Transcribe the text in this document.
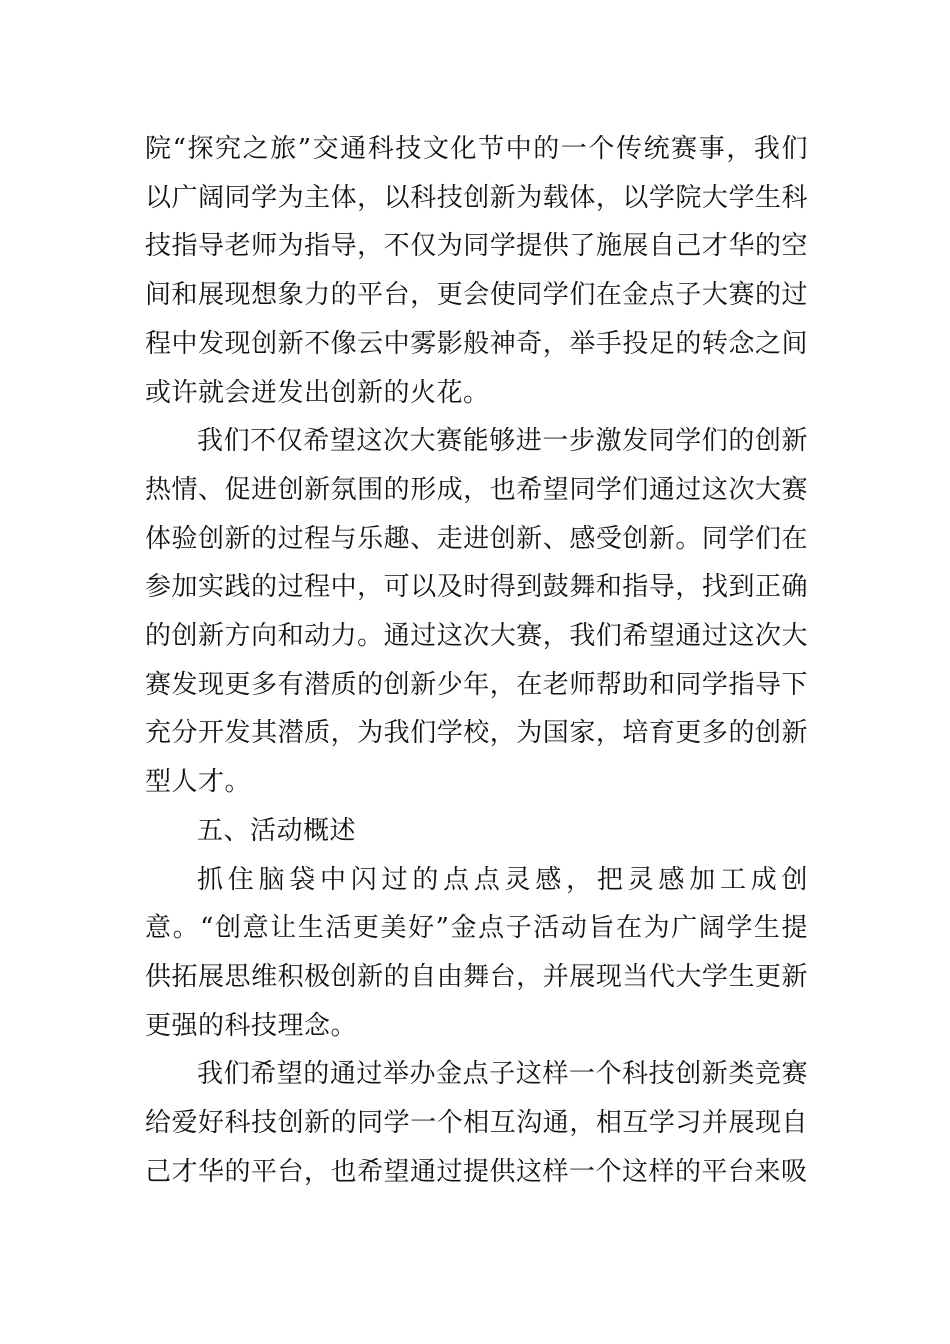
院“探究之旅”交通科技文化节中的一个传统赛事，我们以广阔同学为主体，以科技创新为载体，以学院大学生科技指导老师为指导，不仅为同学提供了施展自己才华的空间和展现想象力的平台，更会使同学们在金点子大赛的过程中发现创新不像云中雾影般神奇，举手投足的转念之间或许就会迸发出创新的火花。

我们不仅希望这次大赛能够进一步激发同学们的创新热情、促进创新氛围的形成，也希望同学们通过这次大赛体验创新的过程与乐趣、走进创新、感受创新。同学们在参加实践的过程中，可以及时得到鼓舞和指导，找到正确的创新方向和动力。通过这次大赛，我们希望通过这次大赛发现更多有潜质的创新少年，在老师帮助和同学指导下充分开发其潜质，为我们学校，为国家，培育更多的创新型人才。

五、活动概述

抓住脑袋中闪过的点点灵感，把灵感加工成创意。“创意让生活更美好”金点子活动旨在为广阔学生提供拓展思维积极创新的自由舞台，并展现当代大学生更新更强的科技理念。

我们希望的通过举办金点子这样一个科技创新类竞赛给爱好科技创新的同学一个相互沟通，相互学习并展现自己才华的平台，也希望通过提供这样一个这样的平台来吸
